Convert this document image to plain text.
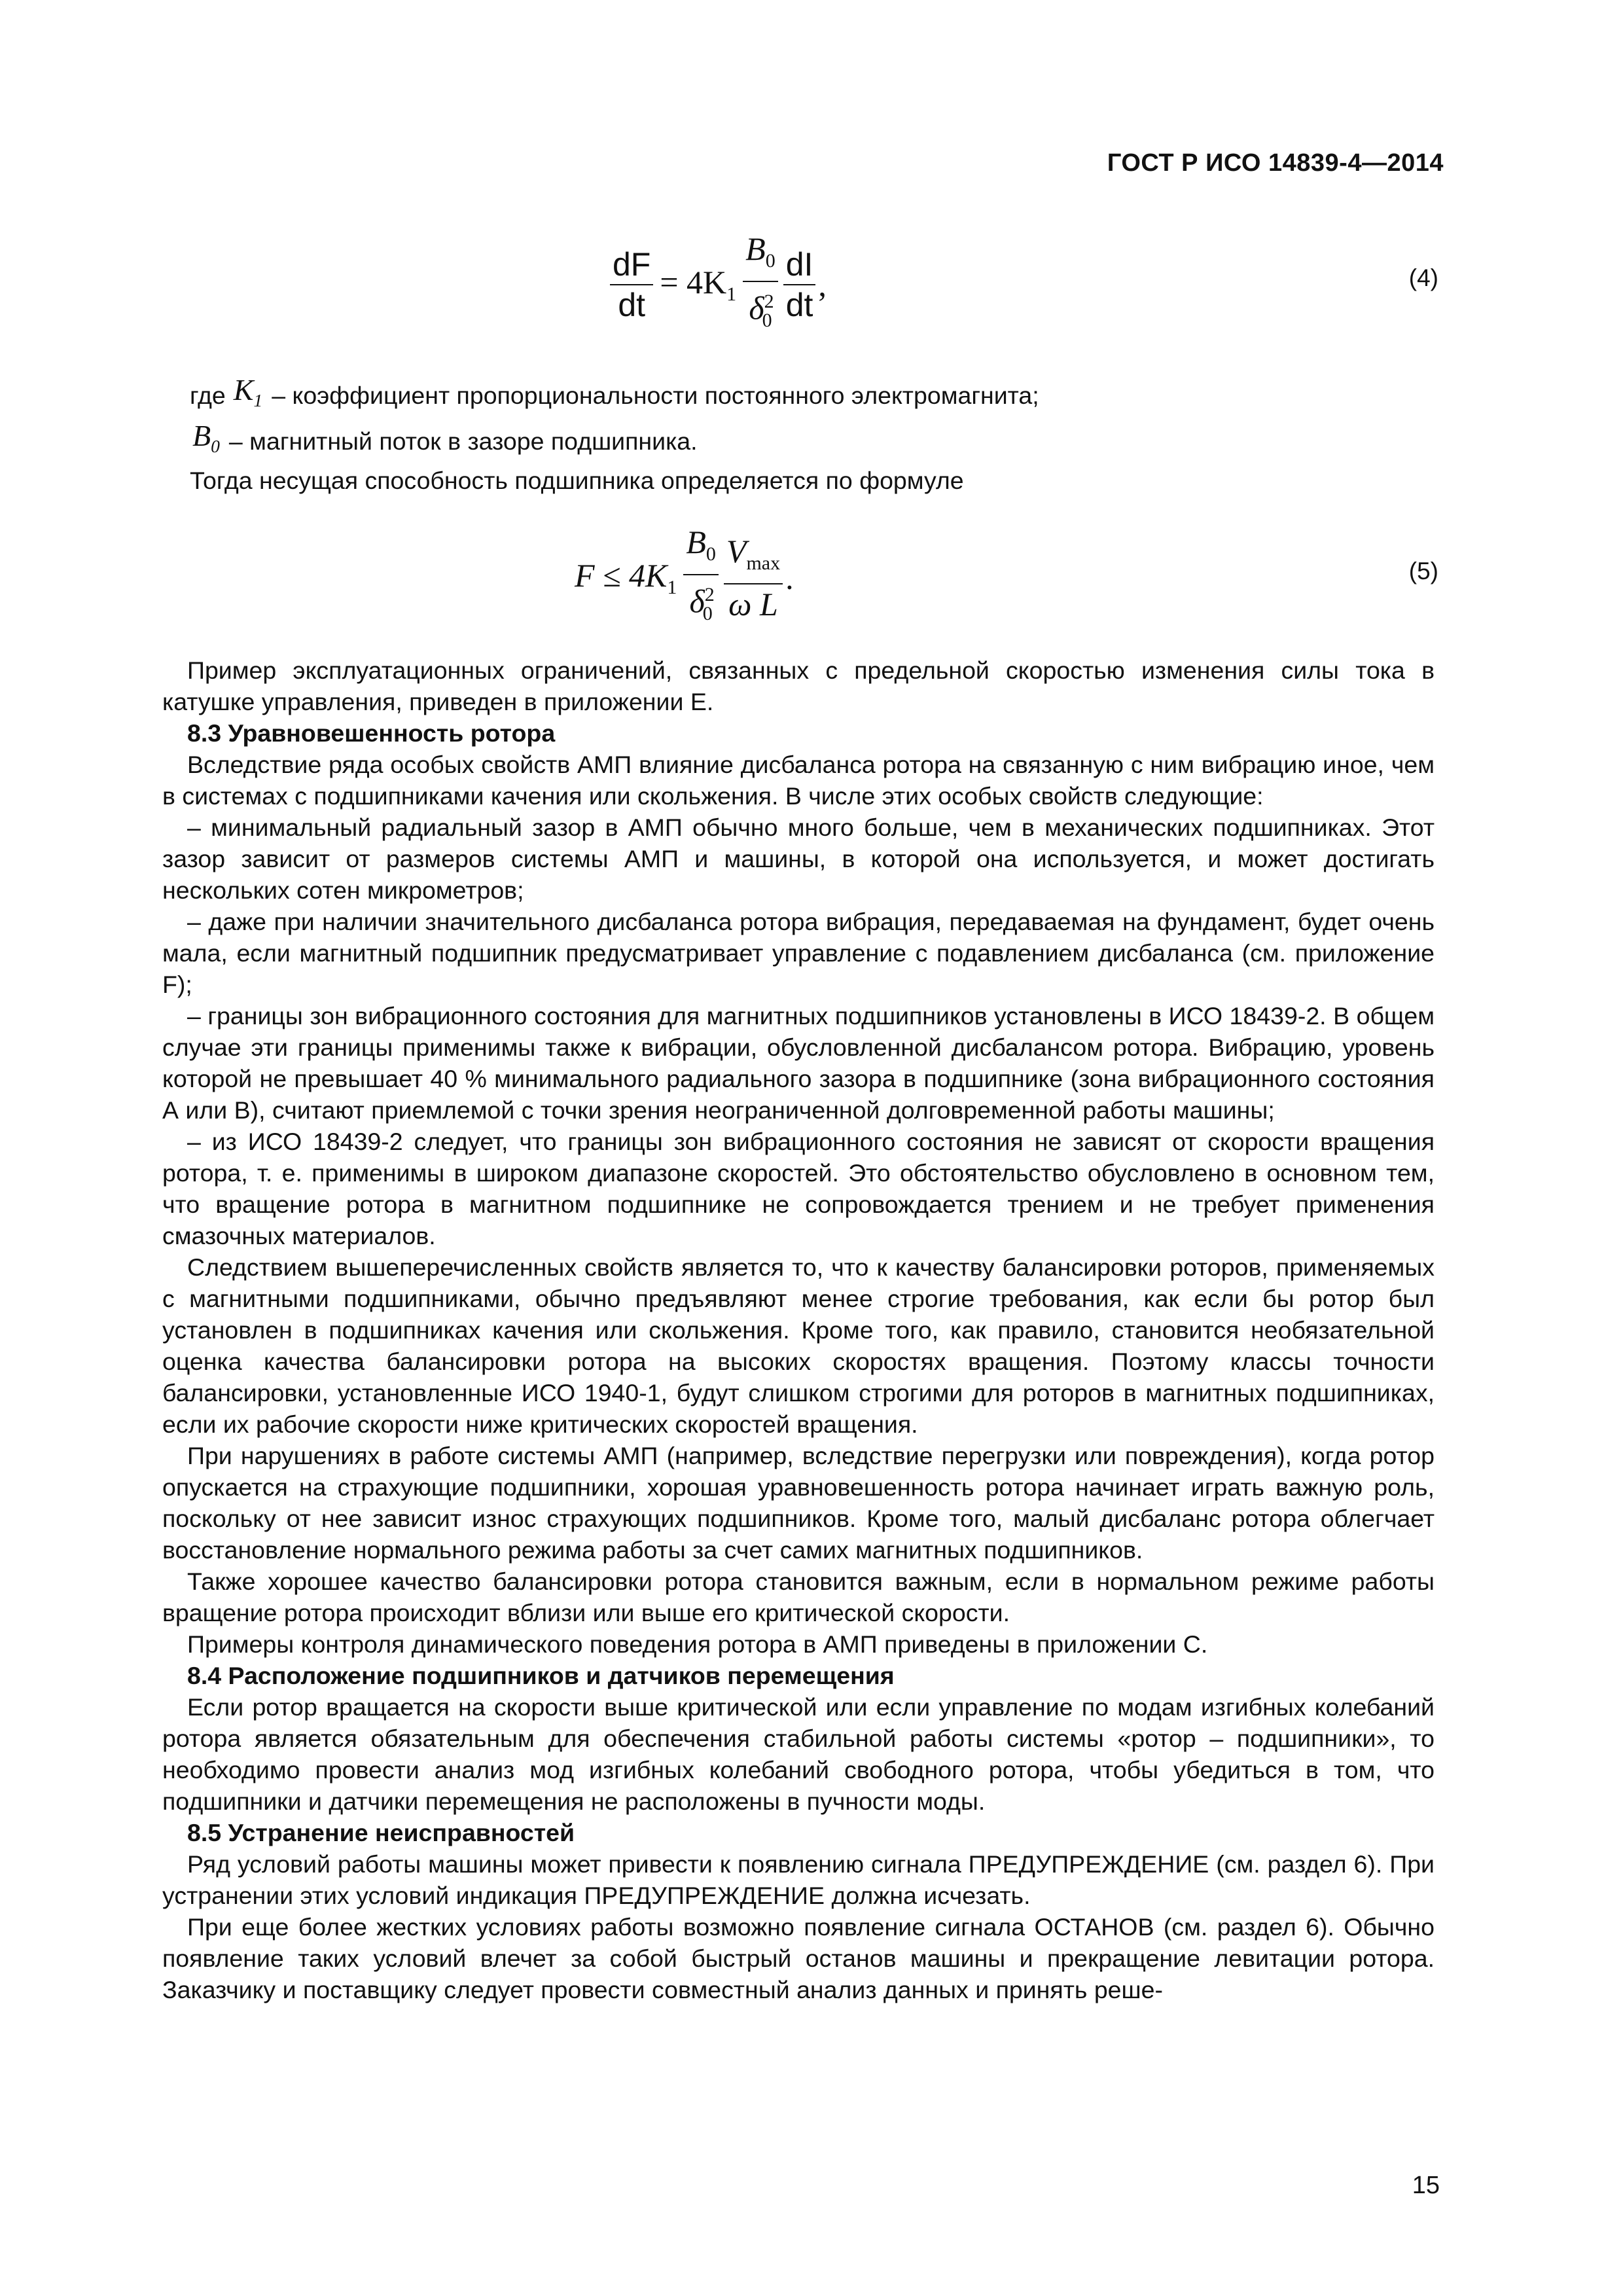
ГОСТ Р ИСО 14839-4—2014
$\frac{dF}{dt} = 4K_1 \frac{B_0}{\delta^2_0} \frac{dI}{dt}$ ,	(4)
где $K_1$ – коэффициент пропорциональности постоянного электромагнита;
$B_0$ – магнитный поток в зазоре подшипника.
Тогда несущая способность подшипника определяется по формуле
$F \le 4K_1 \frac{B_0}{\delta^2_0} \frac{V_{max}}{\text{ω L}}$ .	(5)

Пример эксплуатационных ограничений, связанных с предельной скоростью изменения силы тока в катушке управления, приведен в приложении Е.

8.3 Уравновешенность ротора

Вследствие ряда особых свойств АМП влияние дисбаланса ротора на связанную с ним вибрацию иное, чем в системах с подшипниками качения или скольжения. В числе этих особых свойств следующие:

– минимальный радиальный зазор в АМП обычно много больше, чем в механических подшипниках. Этот зазор зависит от размеров системы АМП и машины, в которой она используется, и может достигать нескольких сотен микрометров;

– даже при наличии значительного дисбаланса ротора вибрация, передаваемая на фундамент, будет очень мала, если магнитный подшипник предусматривает управление с подавлением дисбаланса (см. приложение F);

– границы зон вибрационного состояния для магнитных подшипников установлены в ИСО 18439-2. В общем случае эти границы применимы также к вибрации, обусловленной дисбалансом ротора. Вибрацию, уровень которой не превышает 40 % минимального радиального зазора в подшипнике (зона вибрационного состояния А или В), считают приемлемой с точки зрения неограниченной долговременной работы машины;

– из ИСО 18439-2 следует, что границы зон вибрационного состояния не зависят от скорости вращения ротора, т. е. применимы в широком диапазоне скоростей. Это обстоятельство обусловлено в основном тем, что вращение ротора в магнитном подшипнике не сопровождается трением и не требует применения смазочных материалов.

Следствием вышеперечисленных свойств является то, что к качеству балансировки роторов, применяемых с магнитными подшипниками, обычно предъявляют менее строгие требования, как если бы ротор был установлен в подшипниках качения или скольжения. Кроме того, как правило, становится необязательной оценка качества балансировки ротора на высоких скоростях вращения. Поэтому классы точности балансировки, установленные ИСО 1940-1, будут слишком строгими для роторов в магнитных подшипниках, если их рабочие скорости ниже критических скоростей вращения.

При нарушениях в работе системы АМП (например, вследствие перегрузки или повреждения), когда ротор опускается на страхующие подшипники, хорошая уравновешенность ротора начинает играть важную роль, поскольку от нее зависит износ страхующих подшипников. Кроме того, малый дисбаланс ротора облегчает восстановление нормального режима работы за счет самих магнитных подшипников.

Также хорошее качество балансировки ротора становится важным, если в нормальном режиме работы вращение ротора происходит вблизи или выше его критической скорости.

Примеры контроля динамического поведения ротора в АМП приведены в приложении С.

8.4 Расположение подшипников и датчиков перемещения

Если ротор вращается на скорости выше критической или если управление по модам изгибных колебаний ротора является обязательным для обеспечения стабильной работы системы «ротор – подшипники», то необходимо провести анализ мод изгибных колебаний свободного ротора, чтобы убедиться в том, что подшипники и датчики перемещения не расположены в пучности моды.

8.5 Устранение неисправностей

Ряд условий работы машины может привести к появлению сигнала ПРЕДУПРЕЖДЕНИЕ (см. раздел 6). При устранении этих условий индикация ПРЕДУПРЕЖДЕНИЕ должна исчезать.

При еще более жестких условиях работы возможно появление сигнала ОСТАНОВ (см. раздел 6). Обычно появление таких условий влечет за собой быстрый останов машины и прекращение левитации ротора. Заказчику и поставщику следует провести совместный анализ данных и принять реше-

15
